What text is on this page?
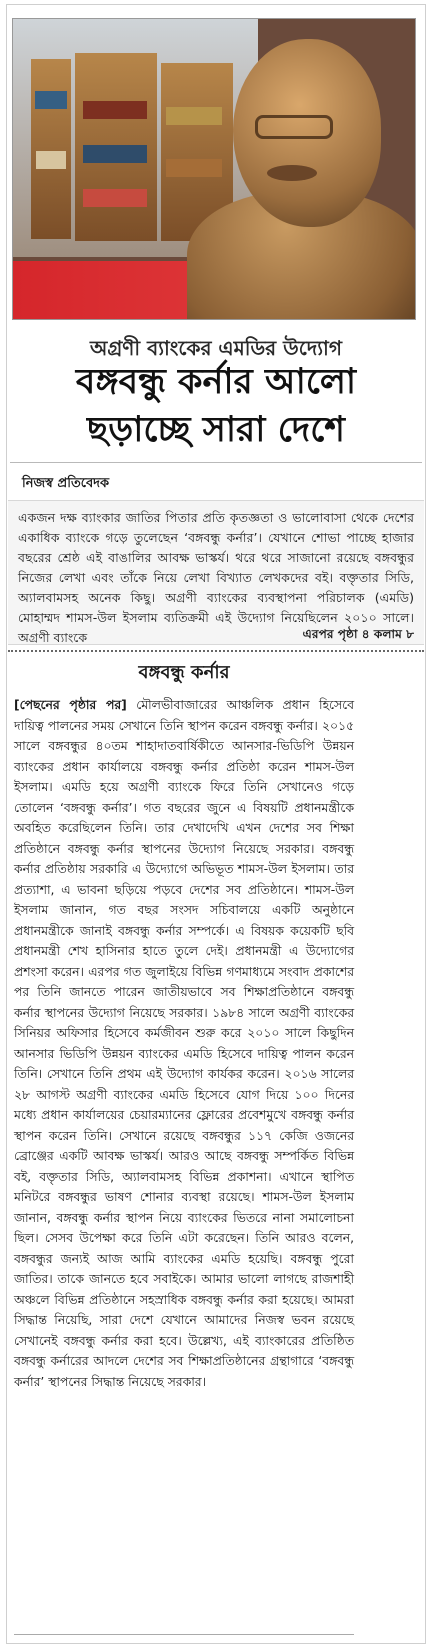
অগ্রণী ব্যাংকের এমডির উদ্যোগ
বঙ্গবন্ধু কর্নার আলো
ছড়াচ্ছে সারা দেশে
নিজস্ব প্রতিবেদক
একজন দক্ষ ব্যাংকার জাতির পিতার প্রতি কৃতজ্ঞতা ও ভালোবাসা থেকে দেশের একাধিক ব্যাংকে গড়ে তুলেছেন ‘বঙ্গবন্ধু কর্নার’। যেখানে শোভা পাচ্ছে হাজার বছরের শ্রেষ্ঠ এই বাঙালির আবক্ষ ভাস্কর্য। থরে থরে সাজানো রয়েছে বঙ্গবন্ধুর নিজের লেখা এবং তাঁকে নিয়ে লেখা বিখ্যাত লেখকদের বই। বক্তৃতার সিডি, অ্যালবামসহ অনেক কিছু। অগ্রণী ব্যাংকের ব্যবস্থাপনা পরিচালক (এমডি) মোহাম্মদ শামস-উল ইসলাম ব্যতিক্রমী এই উদ্যোগ নিয়েছিলেন ২০১০ সালে। অগ্রণী ব্যাংকে	এরপর পৃষ্ঠা ৪ কলাম ৮
বঙ্গবন্ধু কর্নার
[পেছনের পৃষ্ঠার পর] মৌলভীবাজারের আঞ্চলিক প্রধান হিসেবে দায়িত্ব পালনের সময় সেখানে তিনি স্থাপন করেন বঙ্গবন্ধু কর্নার। ২০১৫ সালে বঙ্গবন্ধুর ৪০তম শাহাদাতবার্ষিকীতে আনসার-ভিডিপি উন্নয়ন ব্যাংকের প্রধান কার্যালয়ে বঙ্গবন্ধু কর্নার প্রতিষ্ঠা করেন শামস-উল ইসলাম। এমডি হয়ে অগ্রণী ব্যাংকে ফিরে তিনি সেখানেও গড়ে তোলেন ‘বঙ্গবন্ধু কর্নার’। গত বছরের জুনে এ বিষয়টি প্রধানমন্ত্রীকে অবহিত করেছিলেন তিনি। তার দেখাদেখি এখন দেশের সব শিক্ষা প্রতিষ্ঠানে বঙ্গবন্ধু কর্নার স্থাপনের উদ্যোগ নিয়েছে সরকার। বঙ্গবন্ধু কর্নার প্রতিষ্ঠায় সরকারি এ উদ্যোগে অভিভূত শামস-উল ইসলাম। তার প্রত্যাশা, এ ভাবনা ছড়িয়ে পড়বে দেশের সব প্রতিষ্ঠানে। শামস-উল ইসলাম জানান, গত বছর সংসদ সচিবালয়ে একটি অনুষ্ঠানে প্রধানমন্ত্রীকে জানাই বঙ্গবন্ধু কর্নার সম্পর্কে। এ বিষয়ক কয়েকটি ছবি প্রধানমন্ত্রী শেখ হাসিনার হাতে তুলে দেই। প্রধানমন্ত্রী এ উদ্যোগের প্রশংসা করেন। এরপর গত জুলাইয়ে বিভিন্ন গণমাধ্যমে সংবাদ প্রকাশের পর তিনি জানতে পারেন জাতীয়ভাবে সব শিক্ষাপ্রতিষ্ঠানে বঙ্গবন্ধু কর্নার স্থাপনের উদ্যোগ নিয়েছে সরকার। ১৯৮৪ সালে অগ্রণী ব্যাংকের সিনিয়র অফিসার হিসেবে কর্মজীবন শুরু করে ২০১০ সালে কিছুদিন আনসার ভিডিপি উন্নয়ন ব্যাংকের এমডি হিসেবে দায়িত্ব পালন করেন তিনি। সেখানে তিনি প্রথম এই উদ্যোগ কার্যকর করেন। ২০১৬ সালের ২৮ আগস্ট অগ্রণী ব্যাংকের এমডি হিসেবে যোগ দিয়ে ১০০ দিনের মধ্যে প্রধান কার্যালয়ের চেয়ারম্যানের ফ্লোরের প্রবেশমুখে বঙ্গবন্ধু কর্নার স্থাপন করেন তিনি। সেখানে রয়েছে বঙ্গবন্ধুর ১১৭ কেজি ওজনের ব্রোঞ্জের একটি আবক্ষ ভাস্কর্য। আরও আছে বঙ্গবন্ধু সম্পর্কিত বিভিন্ন বই, বক্তৃতার সিডি, অ্যালবামসহ বিভিন্ন প্রকাশনা। এখানে স্থাপিত মনিটরে বঙ্গবন্ধুর ভাষণ শোনার ব্যবস্থা রয়েছে। শামস-উল ইসলাম জানান, বঙ্গবন্ধু কর্নার স্থাপন নিয়ে ব্যাংকের ভিতরে নানা সমালোচনা ছিল। সেসব উপেক্ষা করে তিনি এটা করেছেন। তিনি আরও বলেন, বঙ্গবন্ধুর জন্যই আজ আমি ব্যাংকের এমডি হয়েছি। বঙ্গবন্ধু পুরো জাতির। তাকে জানতে হবে সবাইকে। আমার ভালো লাগছে রাজশাহী অঞ্চলে বিভিন্ন প্রতিষ্ঠানে সহস্রাধিক বঙ্গবন্ধু কর্নার করা হয়েছে। আমরা সিদ্ধান্ত নিয়েছি, সারা দেশে যেখানে আমাদের নিজস্ব ভবন রয়েছে সেখানেই বঙ্গবন্ধু কর্নার করা হবে। উল্লেখ্য, এই ব্যাংকারের প্রতিষ্ঠিত বঙ্গবন্ধু কর্নারের আদলে দেশের সব শিক্ষাপ্রতিষ্ঠানের গ্রন্থাগারে ‘বঙ্গবন্ধু কর্নার’ স্থাপনের সিদ্ধান্ত নিয়েছে সরকার।
